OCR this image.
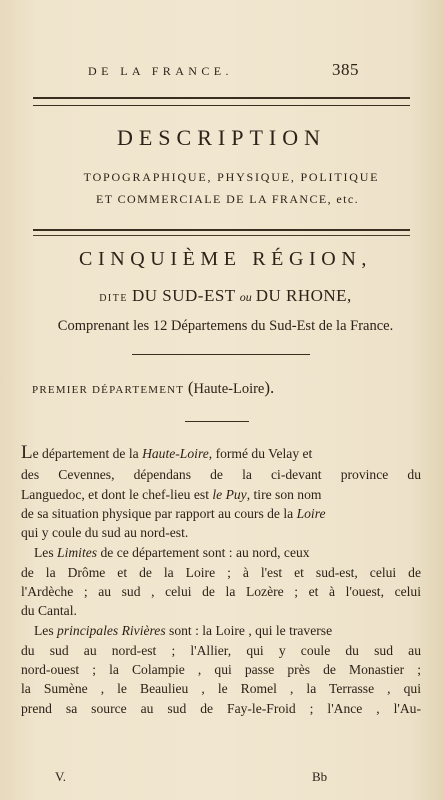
DE LA FRANCE.	385
DESCRIPTION
TOPOGRAPHIQUE, PHYSIQUE, POLITIQUE
ET COMMERCIALE DE LA FRANCE, etc.
CINQUIÈME RÉGION,
DITE DU SUD-EST ou DU RHONE,
Comprenant les 12 Départemens du Sud-Est de la France.
PREMIER DÉPARTEMENT (Haute-Loire).
Le département de la Haute-Loire, formé du Velay et
des Cevennes, dépendans de la ci-devant province du
Languedoc, et dont le chef-lieu est le Puy, tire son nom
de sa situation physique par rapport au cours de la Loire
qui y coule du sud au nord-est.
Les Limites de ce département sont : au nord, ceux
de la Drôme et de la Loire ; à l'est et sud-est, celui de
l'Ardèche ; au sud , celui de la Lozère ; et à l'ouest, celui
du Cantal.
Les principales Rivières sont : la Loire , qui le traverse
du sud au nord-est ; l'Allier, qui y coule du sud au
nord-ouest ; la Colampie , qui passe près de Monastier ;
la Sumène , le Beaulieu , le Romel , la Terrasse , qui
prend sa source au sud de Fay-le-Froid ; l'Ance , l'Au-
V.	Bb
